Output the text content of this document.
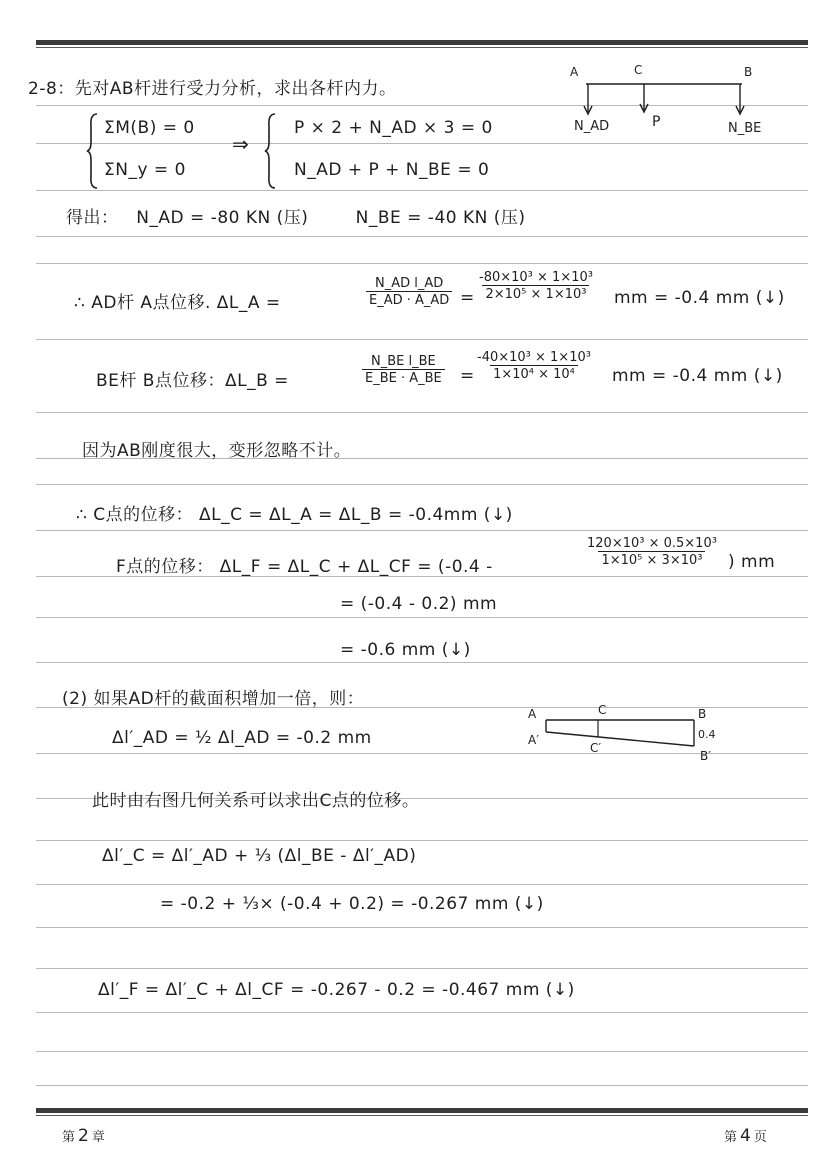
2-8：先对AB杆进行受力分析，求出各杆内力。
ΣM(B) = 0
⇒
P × 2 + N_AD × 3 = 0
ΣN_y = 0	N_AD + P + N_BE = 0
A	C	B
N_AD	P	N_BE
得出：   N_AD = -80 KN (压)        N_BE = -40 KN (压)
∴ AD杆 A点位移. ΔL_A =	$\frac{\text{N\_AD l\_AD}}{E\_AD \cdot A\_AD} = \frac{\text{-80×10³ × 1×10³}}{\text{2×10⁵ × 1×10³}}$ mm = -0.4 mm (↓)
BE杆 B点位移：ΔL_B =	$\frac{\text{N\_BE l\_BE}}{E\_BE \cdot A\_BE} = \frac{\text{-40×10³ × 1×10³}}{\text{1×10⁴ × 10⁴}}$ mm = -0.4 mm (↓)
因为AB刚度很大，变形忽略不计。
∴ C点的位移： ΔL_C = ΔL_A = ΔL_B = -0.4mm (↓)
F点的位移： ΔL_F = ΔL_C + ΔL_CF = (-0.4 -	$\frac{\text{120×10³ × 0.5×10³}}{\text{1×10⁵ × 3×10³}}$ ) mm
= (-0.4 - 0.2) mm
= -0.6 mm (↓)
(2) 如果AD杆的截面积增加一倍，则：
Δl′_AD = ½ Δl_AD = -0.2 mm
A	C	B
A′
C′
0.4
B′
此时由右图几何关系可以求出C点的位移。
Δl′_C = Δl′_AD + ⅓ (Δl_BE - Δl′_AD)
= -0.2 + ⅓× (-0.4 + 0.2) = -0.267 mm (↓)
Δl′_F = Δl′_C + Δl_CF = -0.267 - 0.2 = -0.467 mm (↓)
第 2 章	第 4 页
